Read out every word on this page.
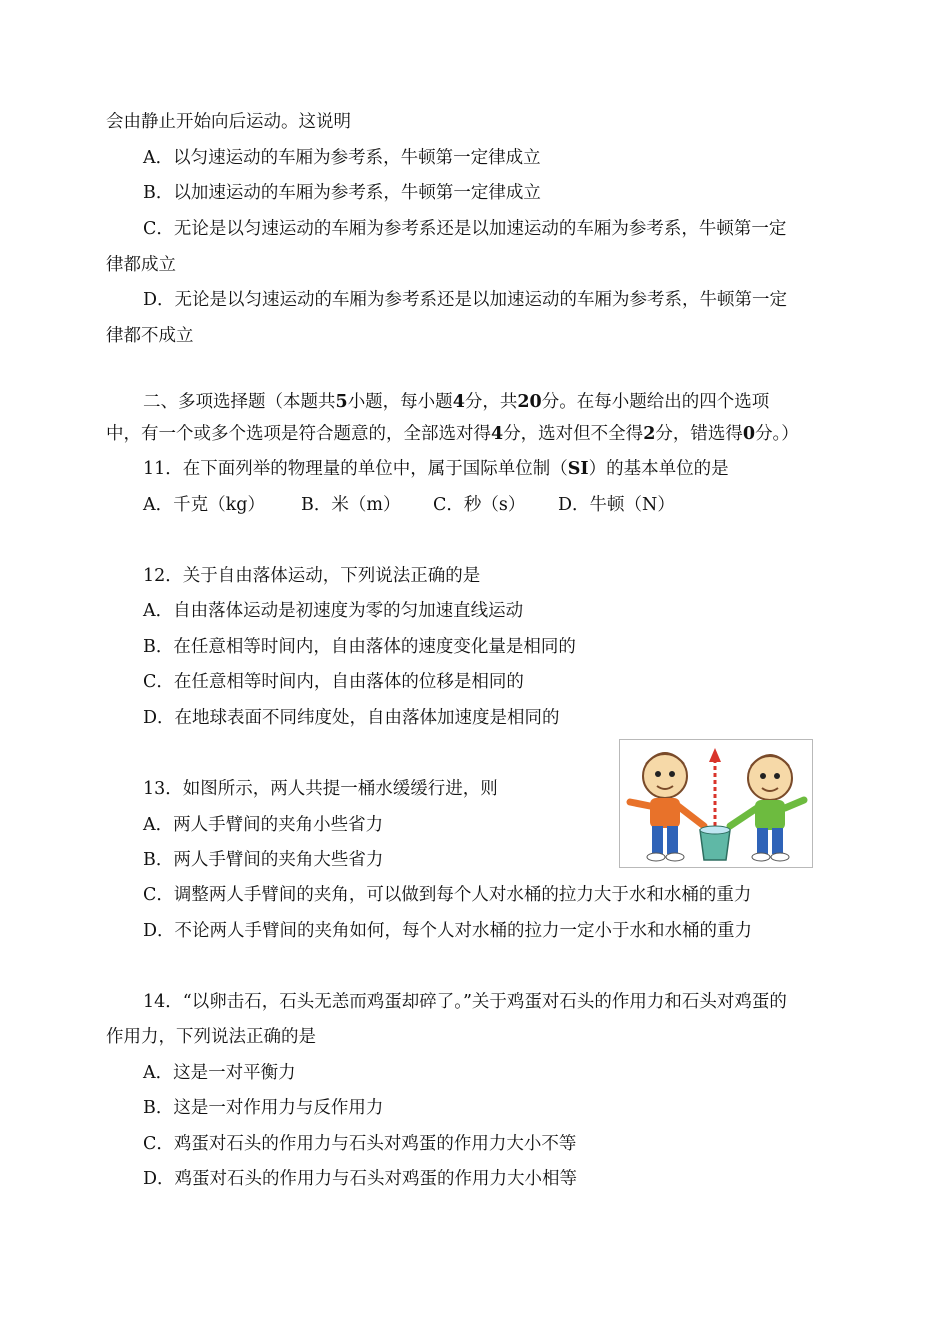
会由静止开始向后运动。这说明
A．以匀速运动的车厢为参考系，牛顿第一定律成立
B．以加速运动的车厢为参考系，牛顿第一定律成立
C．无论是以匀速运动的车厢为参考系还是以加速运动的车厢为参考系，牛顿第一定
律都成立
D．无论是以匀速运动的车厢为参考系还是以加速运动的车厢为参考系，牛顿第一定
律都不成立
二、多项选择题（本题共5小题，每小题4分，共20分。在每小题给出的四个选项
中，有一个或多个选项是符合题意的，全部选对得4分，选对但不全得2分，错选得0分。）
11．在下面列举的物理量的单位中，属于国际单位制（SI）的基本单位的是
A．千克（kg） B．米（m） C．秒（s） D．牛顿（N）
12．关于自由落体运动，下列说法正确的是
A．自由落体运动是初速度为零的匀加速直线运动
B．在任意相等时间内，自由落体的速度变化量是相同的
C．在任意相等时间内，自由落体的位移是相同的
D．在地球表面不同纬度处，自由落体加速度是相同的
13．如图所示，两人共提一桶水缓缓行进，则
A．两人手臂间的夹角小些省力
B．两人手臂间的夹角大些省力
C．调整两人手臂间的夹角，可以做到每个人对水桶的拉力大于水和水桶的重力
D．不论两人手臂间的夹角如何，每个人对水桶的拉力一定小于水和水桶的重力
14．“以卵击石，石头无恙而鸡蛋却碎了。”关于鸡蛋对石头的作用力和石头对鸡蛋的
作用力，下列说法正确的是
A．这是一对平衡力
B．这是一对作用力与反作用力
C．鸡蛋对石头的作用力与石头对鸡蛋的作用力大小不等
D．鸡蛋对石头的作用力与石头对鸡蛋的作用力大小相等
